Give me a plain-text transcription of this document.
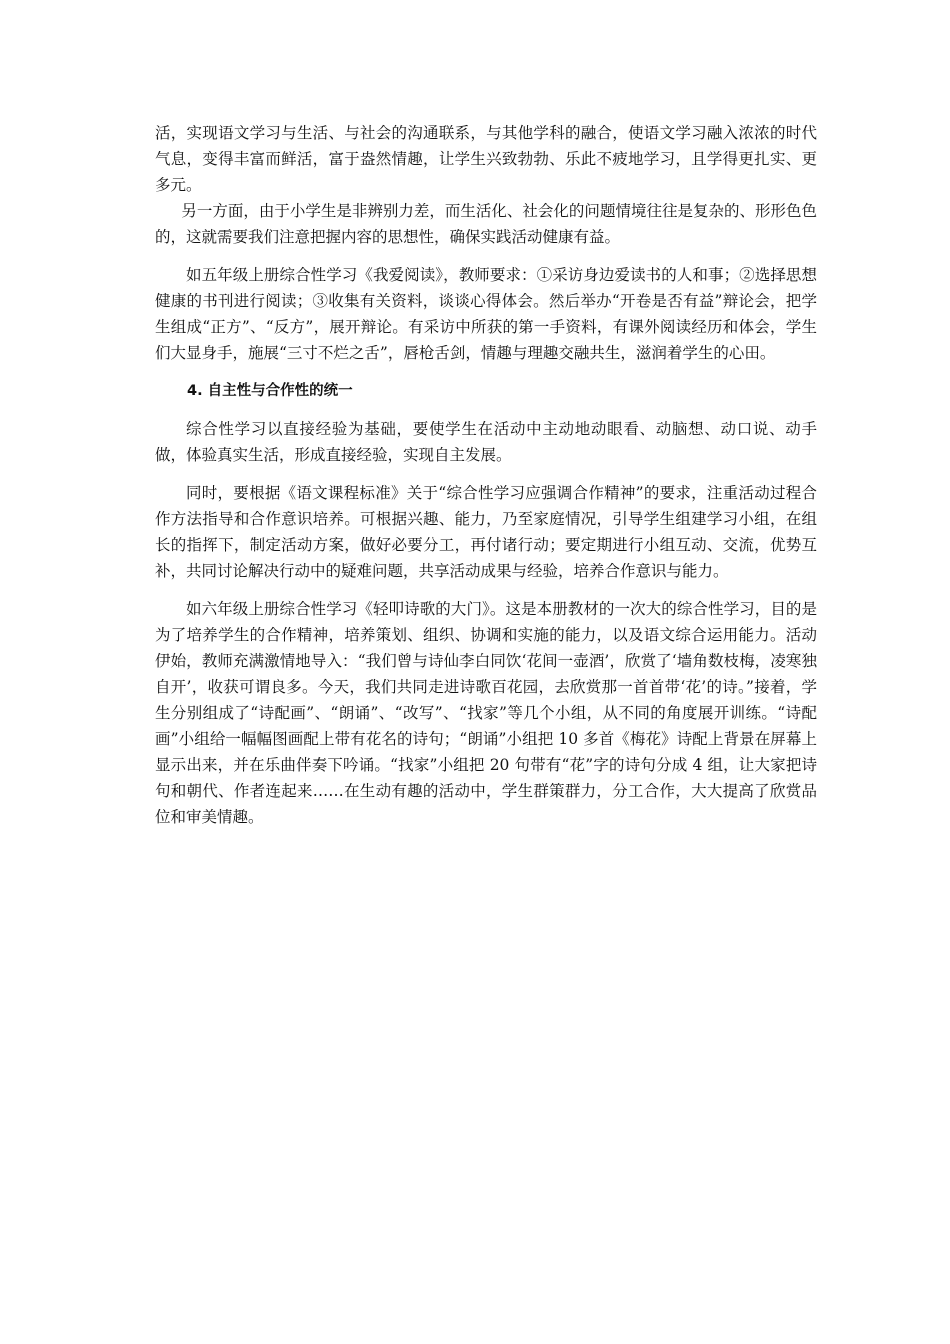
活，实现语文学习与生活、与社会的沟通联系，与其他学科的融合，使语文学习融入浓浓的时代气息，变得丰富而鲜活，富于盎然情趣，让学生兴致勃勃、乐此不疲地学习，且学得更扎实、更多元。

另一方面，由于小学生是非辨别力差，而生活化、社会化的问题情境往往是复杂的、形形色色的，这就需要我们注意把握内容的思想性，确保实践活动健康有益。

如五年级上册综合性学习《我爱阅读》，教师要求：①采访身边爱读书的人和事；②选择思想健康的书刊进行阅读；③收集有关资料，谈谈心得体会。然后举办“开卷是否有益”辩论会，把学生组成“正方”、“反方”，展开辩论。有采访中所获的第一手资料，有课外阅读经历和体会，学生们大显身手，施展“三寸不烂之舌”，唇枪舌剑，情趣与理趣交融共生，滋润着学生的心田。

4. 自主性与合作性的统一

综合性学习以直接经验为基础，要使学生在活动中主动地动眼看、动脑想、动口说、动手做，体验真实生活，形成直接经验，实现自主发展。

同时，要根据《语文课程标准》关于“综合性学习应强调合作精神”的要求，注重活动过程合作方法指导和合作意识培养。可根据兴趣、能力，乃至家庭情况，引导学生组建学习小组，在组长的指挥下，制定活动方案，做好必要分工，再付诸行动；要定期进行小组互动、交流，优势互补，共同讨论解决行动中的疑难问题，共享活动成果与经验，培养合作意识与能力。

如六年级上册综合性学习《轻叩诗歌的大门》。这是本册教材的一次大的综合性学习，目的是为了培养学生的合作精神，培养策划、组织、协调和实施的能力，以及语文综合运用能力。活动伊始，教师充满激情地导入：“我们曾与诗仙李白同饮‘花间一壶酒’，欣赏了‘墙角数枝梅，凌寒独自开’，收获可谓良多。今天，我们共同走进诗歌百花园，去欣赏那一首首带‘花’的诗。”接着，学生分别组成了“诗配画”、“朗诵”、“改写”、“找家”等几个小组，从不同的角度展开训练。“诗配画”小组给一幅幅图画配上带有花名的诗句；“朗诵”小组把 10 多首《梅花》诗配上背景在屏幕上显示出来，并在乐曲伴奏下吟诵。“找家”小组把 20 句带有“花”字的诗句分成 4 组，让大家把诗句和朝代、作者连起来……在生动有趣的活动中，学生群策群力，分工合作，大大提高了欣赏品位和审美情趣。
